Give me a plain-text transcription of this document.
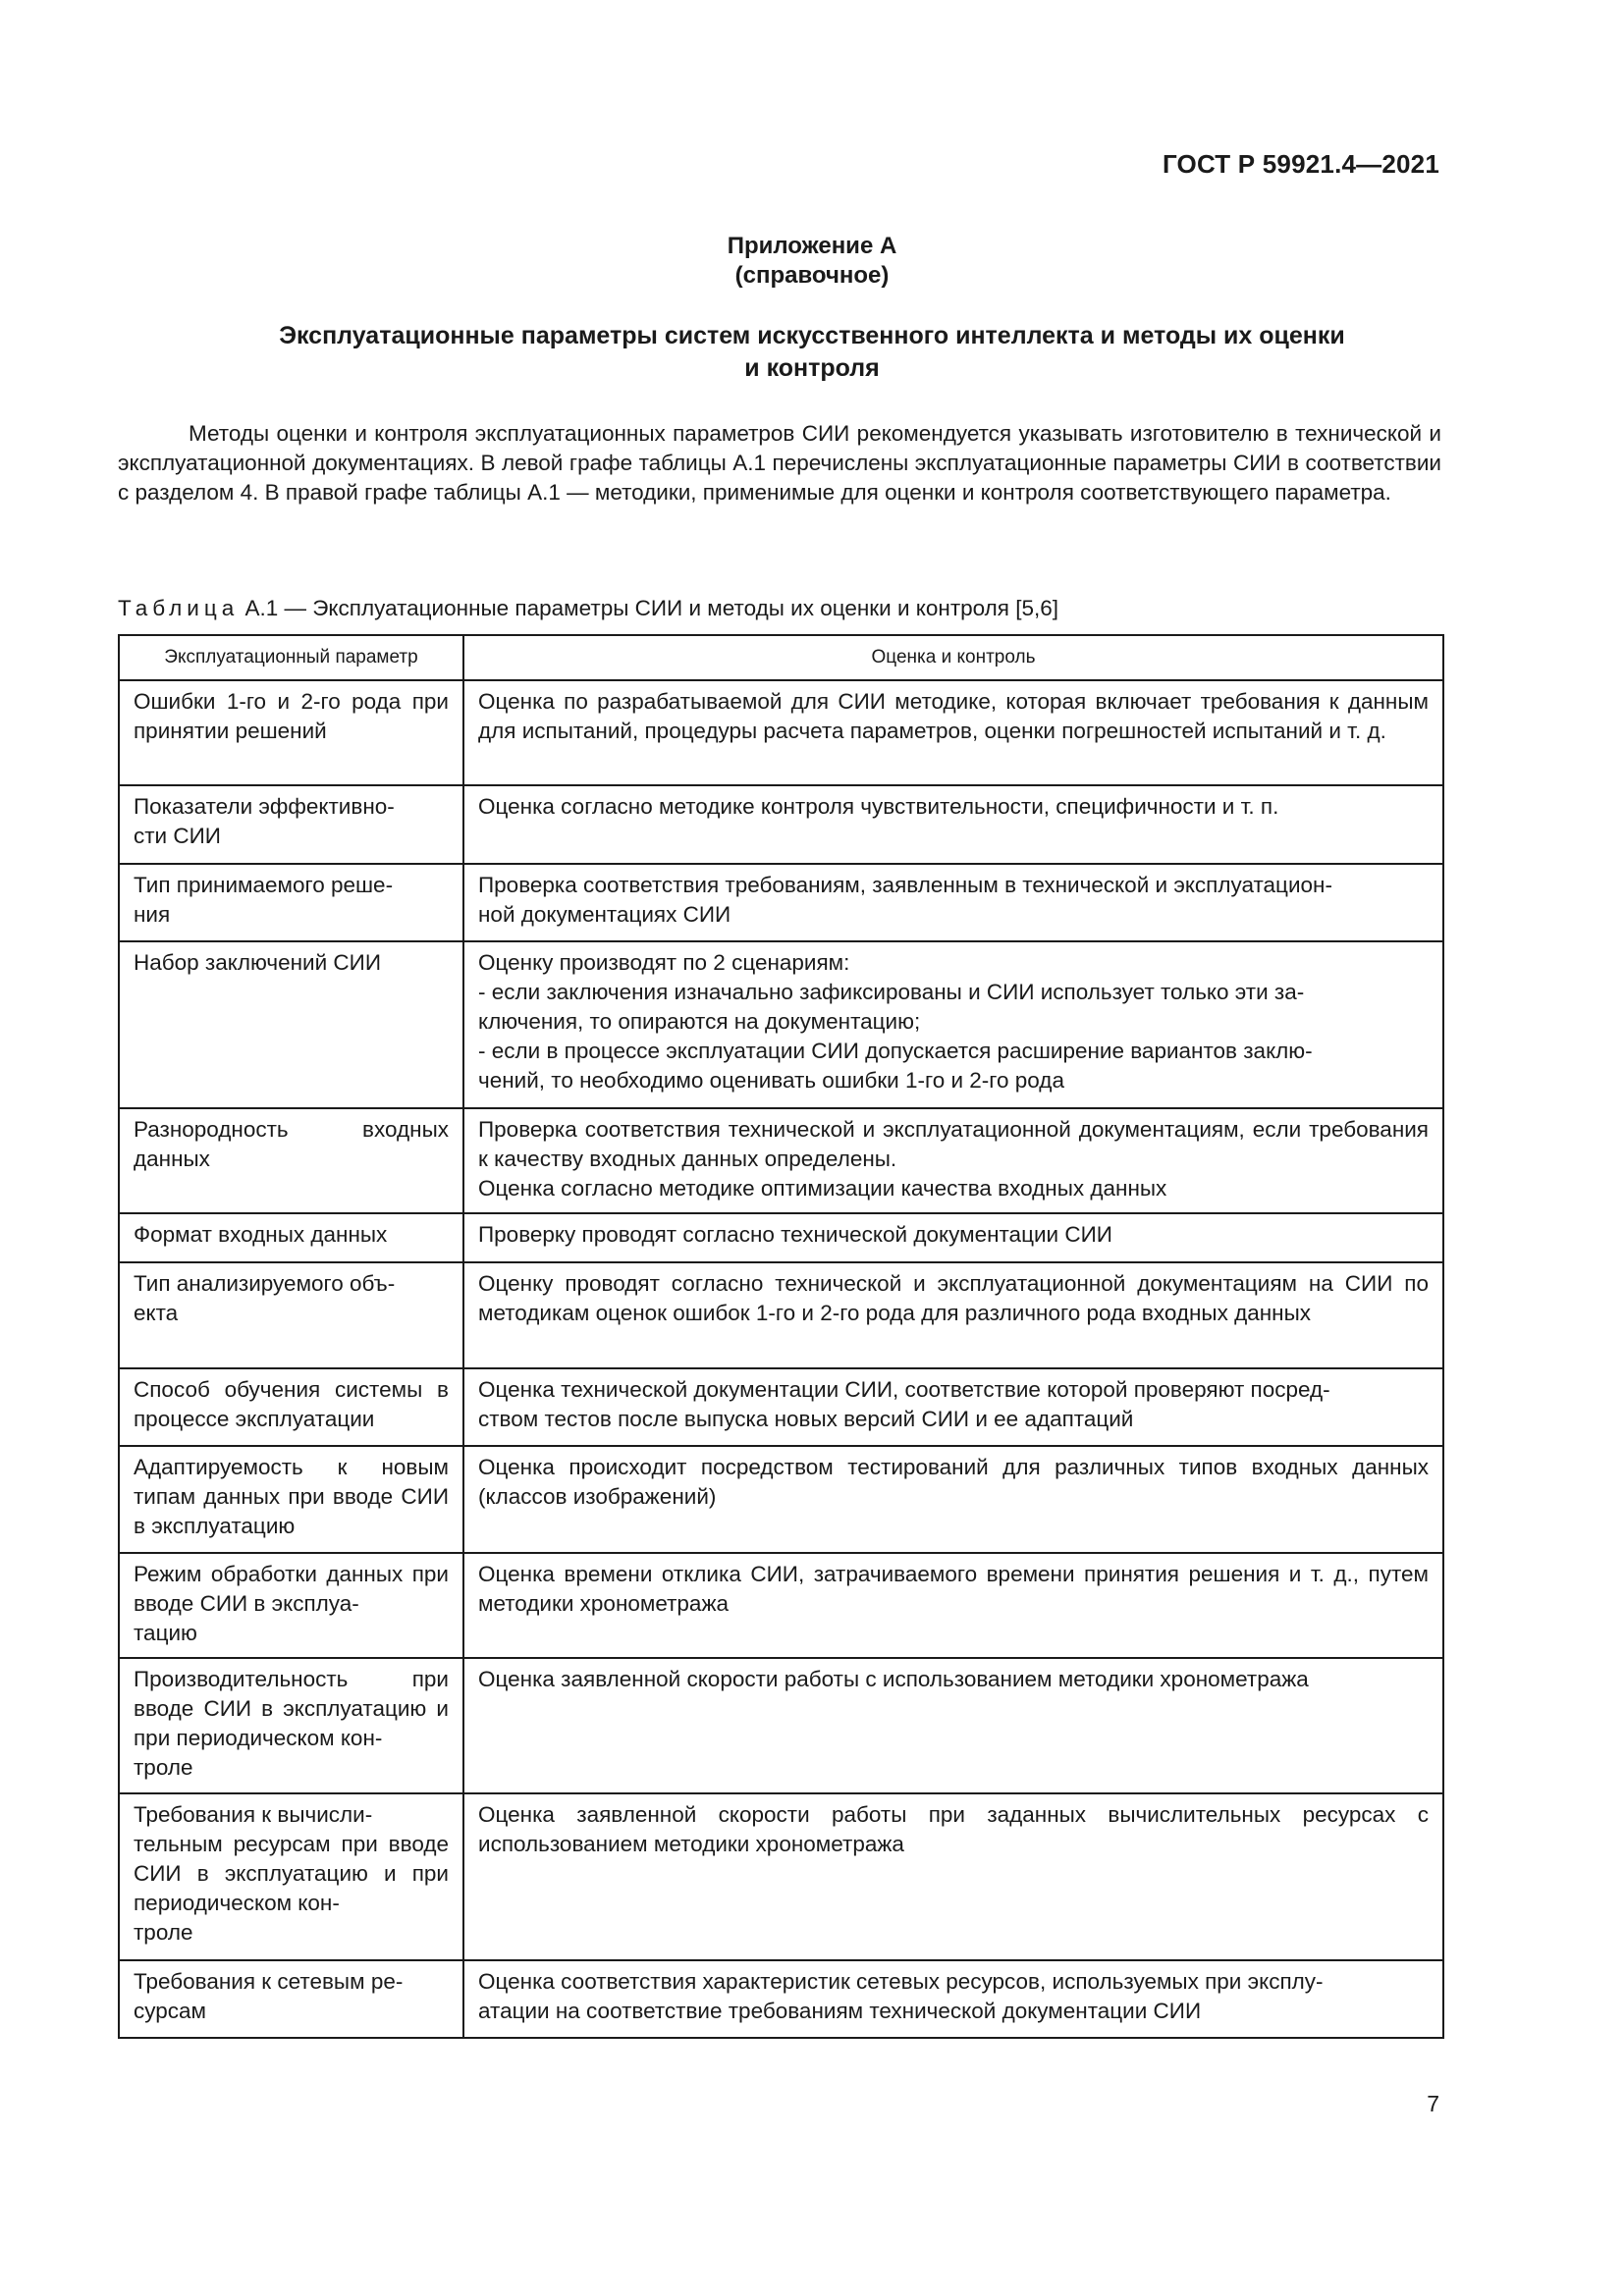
ГОСТ Р 59921.4—2021
Приложение А
(справочное)
Эксплуатационные параметры систем искусственного интеллекта и методы их оценки
и контроля

Методы оценки и контроля эксплуатационных параметров СИИ рекомендуется указывать изготовителю в технической и эксплуатационной документациях. В левой графе таблицы А.1 перечислены эксплуатационные параметры СИИ в соответствии с разделом 4. В правой графе таблицы А.1 — методики, применимые для оценки и контроля соответствующего параметра.

Таблица А.1 — Эксплуатационные параметры СИИ и методы их оценки и контроля [5,6]
Эксплуатационный параметр	Оценка и контроль
Ошибки 1-го и 2-го рода при принятии решений	Оценка по разрабатываемой для СИИ методике, которая включает требования к данным для испытаний, процедуры расчета параметров, оценки погрешностей испытаний и т. д.
Показатели эффективно-
сти СИИ	Оценка согласно методике контроля чувствительности, специфичности и т. п.
Тип принимаемого реше-
ния	Проверка соответствия требованиям, заявленным в технической и эксплуатацион-
ной документациях СИИ
Набор заключений СИИ	Оценку производят по 2 сценариям:
- если заключения изначально зафиксированы и СИИ использует только эти за-
ключения, то опираются на документацию;
- если в процессе эксплуатации СИИ допускается расширение вариантов заклю-
чений, то необходимо оценивать ошибки 1-го и 2-го рода
Разнородность входных данных	Проверка соответствия технической и эксплуатационной документациям, если требования к качеству входных данных определены.
Оценка согласно методике оптимизации качества входных данных
Формат входных данных	Проверку проводят согласно технической документации СИИ
Тип анализируемого объ-
екта	Оценку проводят согласно технической и эксплуатационной документациям на СИИ по методикам оценок ошибок 1-го и 2-го рода для различного рода входных данных
Способ обучения системы в процессе эксплуатации	Оценка технической документации СИИ, соответствие которой проверяют посред-
ством тестов после выпуска новых версий СИИ и ее адаптаций
Адаптируемость к новым типам данных при вводе СИИ в эксплуатацию	Оценка происходит посредством тестирований для различных типов входных данных (классов изображений)
Режим обработки данных при вводе СИИ в эксплуа-
тацию	Оценка времени отклика СИИ, затрачиваемого времени принятия решения и т. д., путем методики хронометража
Производительность при вводе СИИ в эксплуатацию и при периодическом кон-
троле	Оценка заявленной скорости работы с использованием методики хронометража
Требования к вычисли-
тельным ресурсам при вводе СИИ в эксплуатацию и при периодическом кон-
троле	Оценка заявленной скорости работы при заданных вычислительных ресурсах с использованием методики хронометража
Требования к сетевым ре-
сурсам	Оценка соответствия характеристик сетевых ресурсов, используемых при эксплу-
атации на соответствие требованиям технической документации СИИ
7
